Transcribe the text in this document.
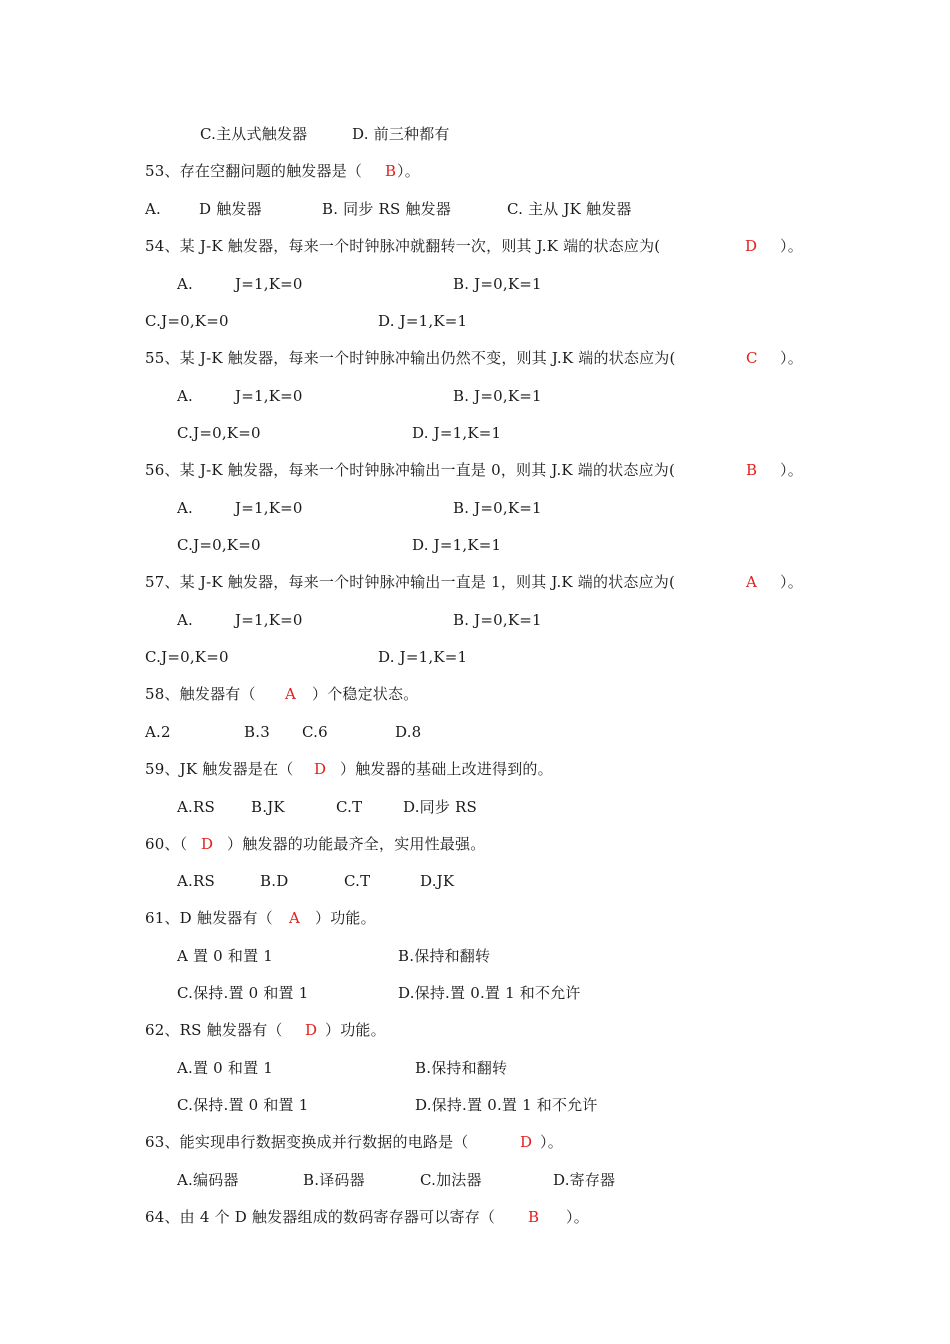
C.主从式触发器	D. 前三种都有
53、存在空翻问题的触发器是（ B ）。
A.	D 触发器	B. 同步 RS 触发器	C. 主从 JK 触发器
54、某 J-K 触发器，每来一个时钟脉冲就翻转一次，则其 J.K 端的状态应为(	D ）。
A.	J=1,K=0	B. J=0,K=1
C.J=0,K=0	D. J=1,K=1
55、某 J-K 触发器，每来一个时钟脉冲输出仍然不变，则其 J.K 端的状态应为(	C ）。
A.	J=1,K=0	B. J=0,K=1
C.J=0,K=0	D. J=1,K=1
56、某 J-K 触发器，每来一个时钟脉冲输出一直是 0，则其 J.K 端的状态应为(	B ）。
A.	J=1,K=0	B. J=0,K=1
C.J=0,K=0	D. J=1,K=1
57、某 J-K 触发器，每来一个时钟脉冲输出一直是 1，则其 J.K 端的状态应为(	A ）。
A.	J=1,K=0	B. J=0,K=1
C.J=0,K=0	D. J=1,K=1
58、触发器有（ A ）个稳定状态。
A.2	B.3 C.6	D.8
59、JK 触发器是在（ D ）触发器的基础上改进得到的。
A.RS B.JK	C.T	D.同步 RS
60、（ D ）触发器的功能最齐全，实用性最强。
A.RS	B.D	C.T	D.JK
61、D 触发器有（ A ）功能。
A 置 0 和置 1	B.保持和翻转
C.保持.置 0 和置 1	D.保持.置 0.置 1 和不允许
62、RS 触发器有（ D ）功能。
A.置 0 和置 1	B.保持和翻转
C.保持.置 0 和置 1	D.保持.置 0.置 1 和不允许
63、能实现串行数据变换成并行数据的电路是（	D ）。
A.编码器	B.译码器	C.加法器	D.寄存器
64、由 4 个 D 触发器组成的数码寄存器可以寄存（ B ）。
